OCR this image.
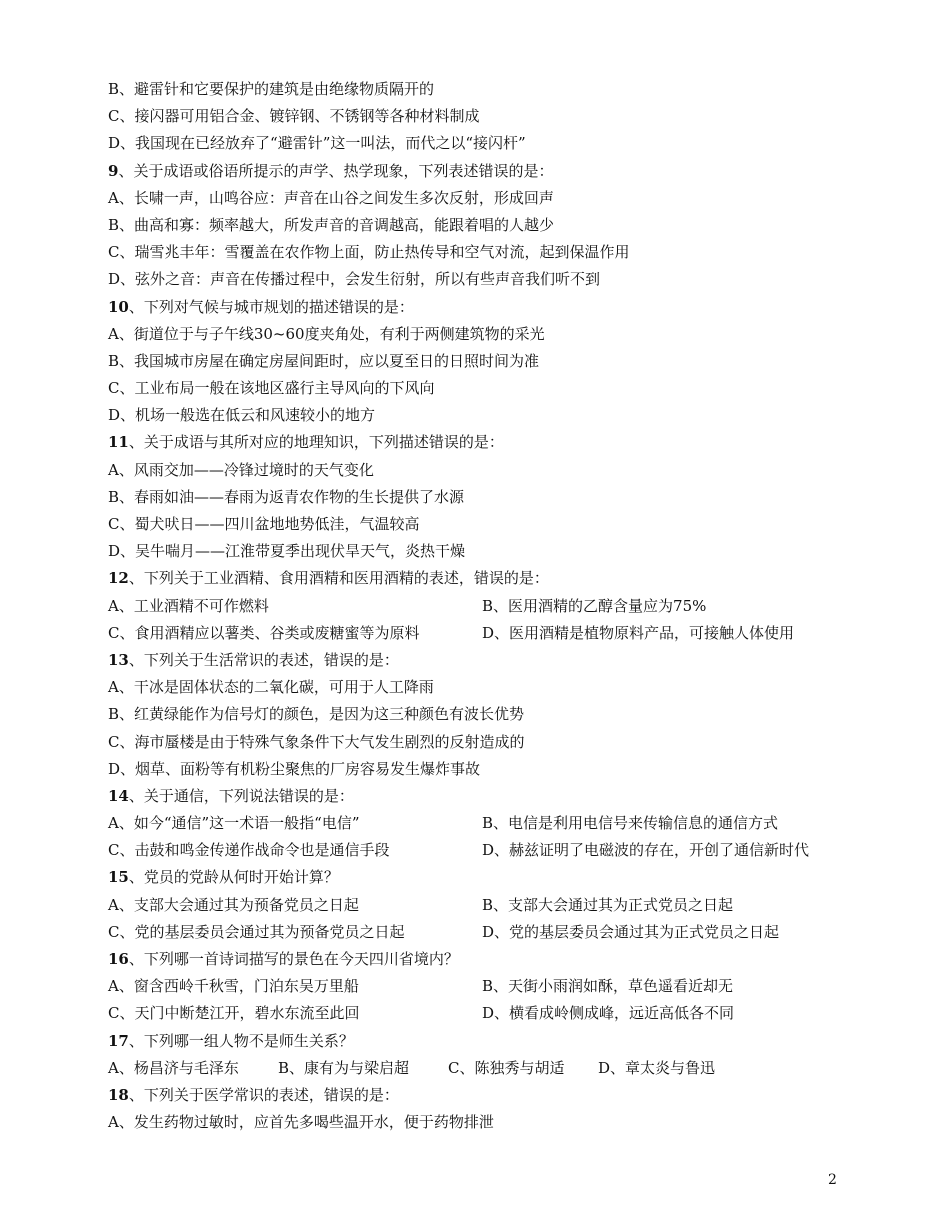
B、避雷针和它要保护的建筑是由绝缘物质隔开的
C、接闪器可用铝合金、镀锌钢、不锈钢等各种材料制成
D、我国现在已经放弃了“避雷针”这一叫法，而代之以“接闪杆”
9、关于成语或俗语所提示的声学、热学现象，下列表述错误的是：
A、长啸一声，山鸣谷应：声音在山谷之间发生多次反射，形成回声
B、曲高和寡：频率越大，所发声音的音调越高，能跟着唱的人越少
C、瑞雪兆丰年：雪覆盖在农作物上面，防止热传导和空气对流，起到保温作用
D、弦外之音：声音在传播过程中，会发生衍射，所以有些声音我们听不到
10、下列对气候与城市规划的描述错误的是：
A、街道位于与子午线30~60度夹角处，有利于两侧建筑物的采光
B、我国城市房屋在确定房屋间距时，应以夏至日的日照时间为准
C、工业布局一般在该地区盛行主导风向的下风向
D、机场一般选在低云和风速较小的地方
11、关于成语与其所对应的地理知识，下列描述错误的是：
A、风雨交加——冷锋过境时的天气变化
B、春雨如油——春雨为返青农作物的生长提供了水源
C、蜀犬吠日——四川盆地地势低洼，气温较高
D、吴牛喘月——江淮带夏季出现伏旱天气，炎热干燥
12、下列关于工业酒精、食用酒精和医用酒精的表述，错误的是：
A、工业酒精不可作燃料	B、医用酒精的乙醇含量应为75%
C、食用酒精应以薯类、谷类或废糖蜜等为原料	D、医用酒精是植物原料产品，可接触人体使用
13、下列关于生活常识的表述，错误的是：
A、干冰是固体状态的二氧化碳，可用于人工降雨
B、红黄绿能作为信号灯的颜色，是因为这三种颜色有波长优势
C、海市蜃楼是由于特殊气象条件下大气发生剧烈的反射造成的
D、烟草、面粉等有机粉尘聚焦的厂房容易发生爆炸事故
14、关于通信，下列说法错误的是：
A、如今“通信”这一术语一般指“电信”	B、电信是利用电信号来传输信息的通信方式
C、击鼓和鸣金传递作战命令也是通信手段	D、赫兹证明了电磁波的存在，开创了通信新时代
15、党员的党龄从何时开始计算？
A、支部大会通过其为预备党员之日起	B、支部大会通过其为正式党员之日起
C、党的基层委员会通过其为预备党员之日起	D、党的基层委员会通过其为正式党员之日起
16、下列哪一首诗词描写的景色在今天四川省境内？
A、窗含西岭千秋雪，门泊东吴万里船	B、天街小雨润如酥，草色遥看近却无
C、天门中断楚江开，碧水东流至此回	D、横看成岭侧成峰，远近高低各不同
17、下列哪一组人物不是师生关系？
A、杨昌济与毛泽东	B、康有为与梁启超	C、陈独秀与胡适	D、章太炎与鲁迅
18、下列关于医学常识的表述，错误的是：
A、发生药物过敏时，应首先多喝些温开水，便于药物排泄
2
